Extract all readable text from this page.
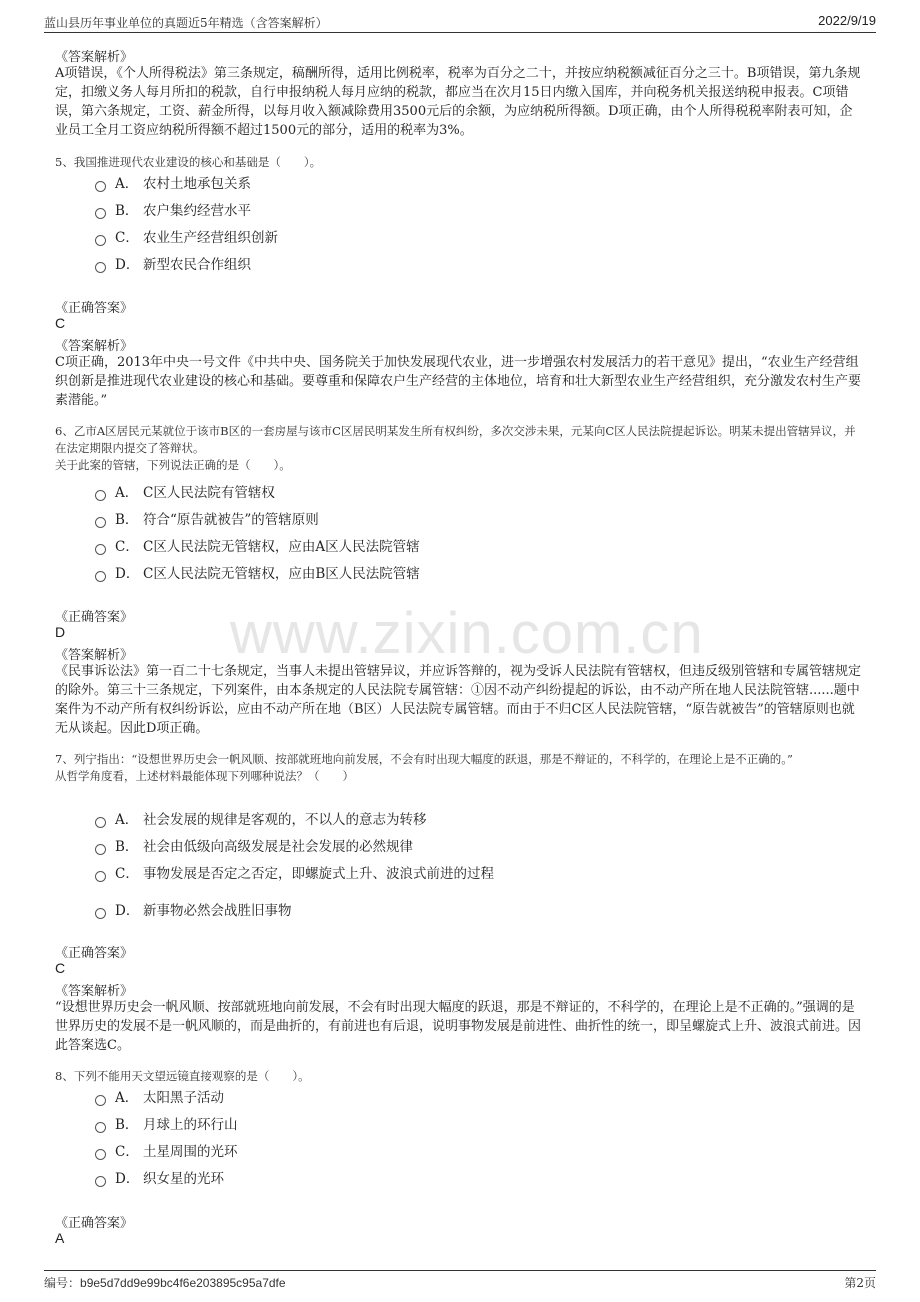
蓝山县历年事业单位的真题近5年精选（含答案解析）	2022/9/19
www.zixin.com.cn
《答案解析》

A项错误，《个人所得税法》第三条规定，稿酬所得，适用比例税率，税率为百分之二十，并按应纳税额减征百分之三十。B项错误，第九条规定，扣缴义务人每月所扣的税款，自行申报纳税人每月应纳的税款，都应当在次月15日内缴入国库，并向税务机关报送纳税申报表。C项错误，第六条规定，工资、薪金所得，以每月收入额减除费用3500元后的余额，为应纳税所得额。D项正确，由个人所得税税率附表可知，企业员工全月工资应纳税所得额不超过1500元的部分，适用的税率为3%。

5、我国推进现代农业建设的核心和基础是（　　）。

A． 农村土地承包关系
B． 农户集约经营水平
C． 农业生产经营组织创新
D． 新型农民合作组织
《正确答案》
C
《答案解析》

C项正确，2013年中央一号文件《中共中央、国务院关于加快发展现代农业，进一步增强农村发展活力的若干意见》提出，“农业生产经营组织创新是推进现代农业建设的核心和基础。要尊重和保障农户生产经营的主体地位，培育和壮大新型农业生产经营组织，充分激发农村生产要素潜能。”

6、乙市A区居民元某就位于该市B区的一套房屋与该市C区居民明某发生所有权纠纷，多次交涉未果，元某向C区人民法院提起诉讼。明某未提出管辖异议，并在法定期限内提交了答辩状。

关于此案的管辖，下列说法正确的是（　　）。

A． C区人民法院有管辖权
B． 符合“原告就被告”的管辖原则
C． C区人民法院无管辖权，应由A区人民法院管辖
D． C区人民法院无管辖权，应由B区人民法院管辖
《正确答案》
D
《答案解析》

《民事诉讼法》第一百二十七条规定，当事人未提出管辖异议，并应诉答辩的，视为受诉人民法院有管辖权，但违反级别管辖和专属管辖规定的除外。第三十三条规定，下列案件，由本条规定的人民法院专属管辖：①因不动产纠纷提起的诉讼，由不动产所在地人民法院管辖......题中案件为不动产所有权纠纷诉讼，应由不动产所在地（B区）人民法院专属管辖。而由于不归C区人民法院管辖，“原告就被告”的管辖原则也就无从谈起。因此D项正确。

7、列宁指出：“设想世界历史会一帆风顺、按部就班地向前发展，不会有时出现大幅度的跃退，那是不辩证的，不科学的，在理论上是不正确的。”

从哲学角度看，上述材料最能体现下列哪种说法？（　　）

A． 社会发展的规律是客观的，不以人的意志为转移
B． 社会由低级向高级发展是社会发展的必然规律
C． 事物发展是否定之否定，即螺旋式上升、波浪式前进的过程
D． 新事物必然会战胜旧事物
《正确答案》
C
《答案解析》

“设想世界历史会一帆风顺、按部就班地向前发展，不会有时出现大幅度的跃退，那是不辩证的，不科学的，在理论上是不正确的。”强调的是世界历史的发展不是一帆风顺的，而是曲折的，有前进也有后退，说明事物发展是前进性、曲折性的统一，即呈螺旋式上升、波浪式前进。因此答案选C。

8、下列不能用天文望远镜直接观察的是（　　）。

A． 太阳黑子活动
B． 月球上的环行山
C． 土星周围的光环
D． 织女星的光环
《正确答案》
A
编号：b9e5d7dd9e99bc4f6e203895c95a7dfe	第2页
